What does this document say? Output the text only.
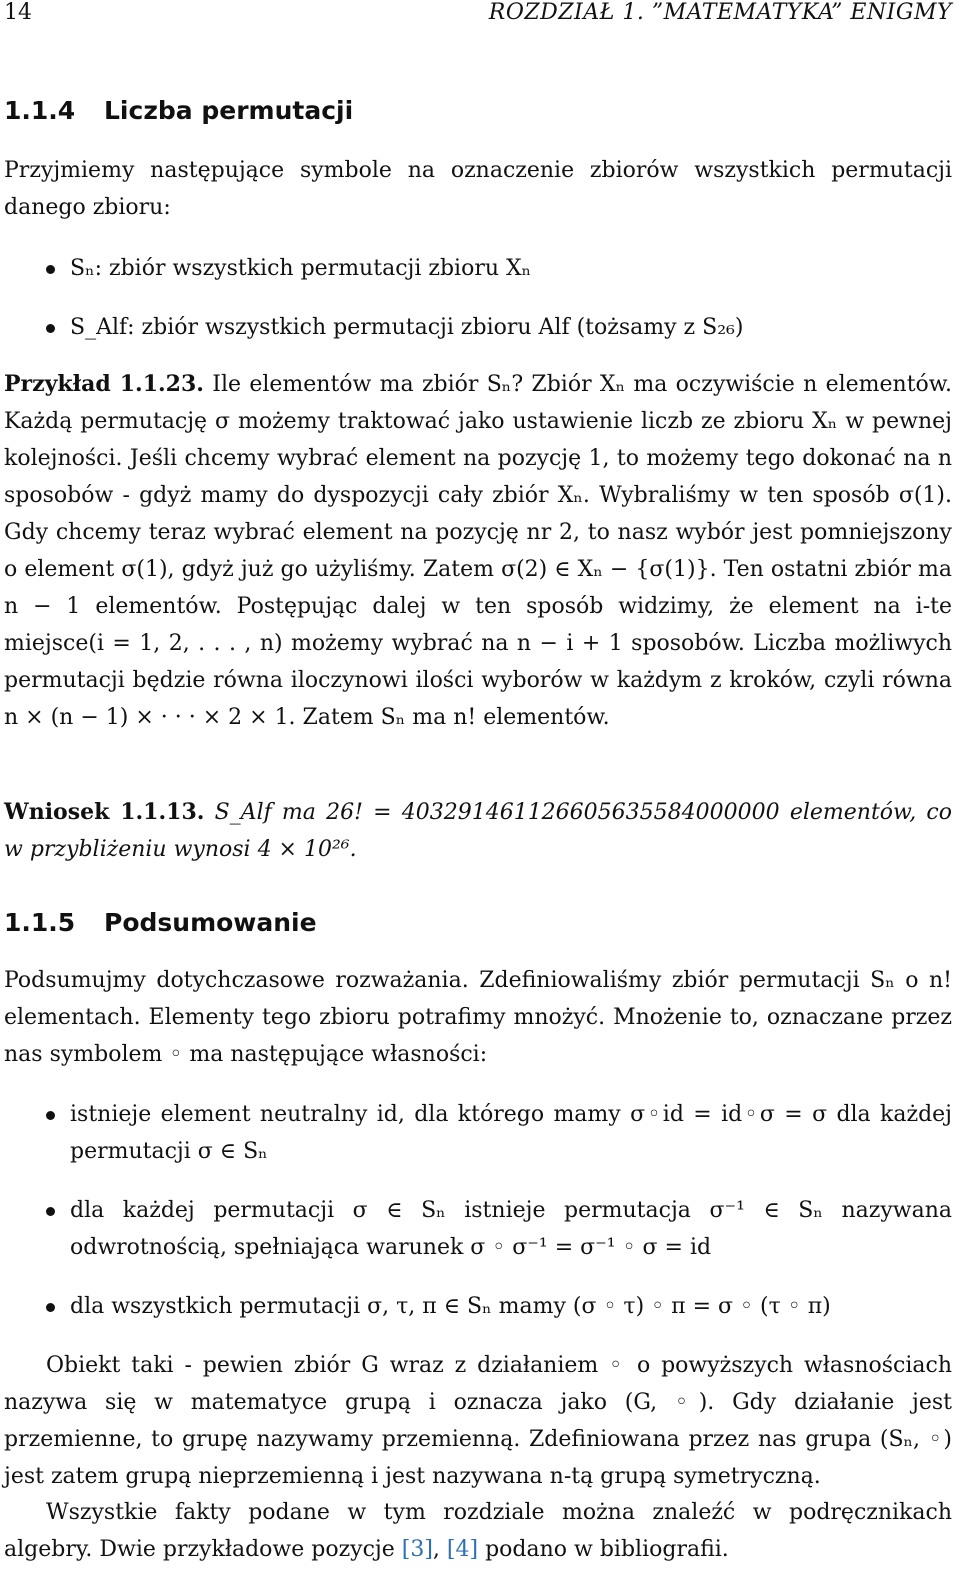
14	ROZDZIAŁ 1. ”MATEMATYKA” ENIGMY
1.1.4 Liczba permutacji

Przyjmiemy następujące symbole na oznaczenie zbiorów wszystkich permutacji danego zbioru:

Sₙ: zbiór wszystkich permutacji zbioru Xₙ
S_Alf: zbiór wszystkich permutacji zbioru Alf (tożsamy z S₂₆)

Przykład 1.1.23. Ile elementów ma zbiór Sₙ? Zbiór Xₙ ma oczywiście n elementów. Każdą permutację σ możemy traktować jako ustawienie liczb ze zbioru Xₙ w pewnej kolejności. Jeśli chcemy wybrać element na pozycję 1, to możemy tego dokonać na n sposobów - gdyż mamy do dyspozycji cały zbiór Xₙ. Wybraliśmy w ten sposób σ(1). Gdy chcemy teraz wybrać element na pozycję nr 2, to nasz wybór jest pomniejszony o element σ(1), gdyż już go użyliśmy. Zatem σ(2) ∈ Xₙ − {σ(1)}. Ten ostatni zbiór ma n − 1 elementów. Postępując dalej w ten sposób widzimy, że element na i-te miejsce(i = 1, 2, . . . , n) możemy wybrać na n − i + 1 sposobów. Liczba możliwych permutacji będzie równa iloczynowi ilości wyborów w każdym z kroków, czyli równa n × (n − 1) × · · · × 2 × 1. Zatem Sₙ ma n! elementów.

Wniosek 1.1.13. S_Alf ma 26! = 403291461126605635584000000 elementów, co w przybliżeniu wynosi 4 × 10²⁶.

1.1.5 Podsumowanie

Podsumujmy dotychczasowe rozważania. Zdefiniowaliśmy zbiór permutacji Sₙ o n! elementach. Elementy tego zbioru potrafimy mnożyć. Mnożenie to, oznaczane przez nas symbolem ◦ ma następujące własności:

istnieje element neutralny id, dla którego mamy σ◦id = id◦σ = σ dla każdej permutacji σ ∈ Sₙ
dla każdej permutacji σ ∈ Sₙ istnieje permutacja σ⁻¹ ∈ Sₙ nazywana odwrotnością, spełniająca warunek σ ◦ σ⁻¹ = σ⁻¹ ◦ σ = id
dla wszystkich permutacji σ, τ, π ∈ Sₙ mamy (σ ◦ τ) ◦ π = σ ◦ (τ ◦ π)

Obiekt taki - pewien zbiór G wraz z działaniem ◦ o powyższych własnościach nazywa się w matematyce grupą i oznacza jako (G, ◦). Gdy działanie jest przemienne, to grupę nazywamy przemienną. Zdefiniowana przez nas grupa (Sₙ, ◦) jest zatem grupą nieprzemienną i jest nazywana n-tą grupą symetryczną.

Wszystkie fakty podane w tym rozdziale można znaleźć w podręcznikach algebry. Dwie przykładowe pozycje [3], [4] podano w bibliografii.
